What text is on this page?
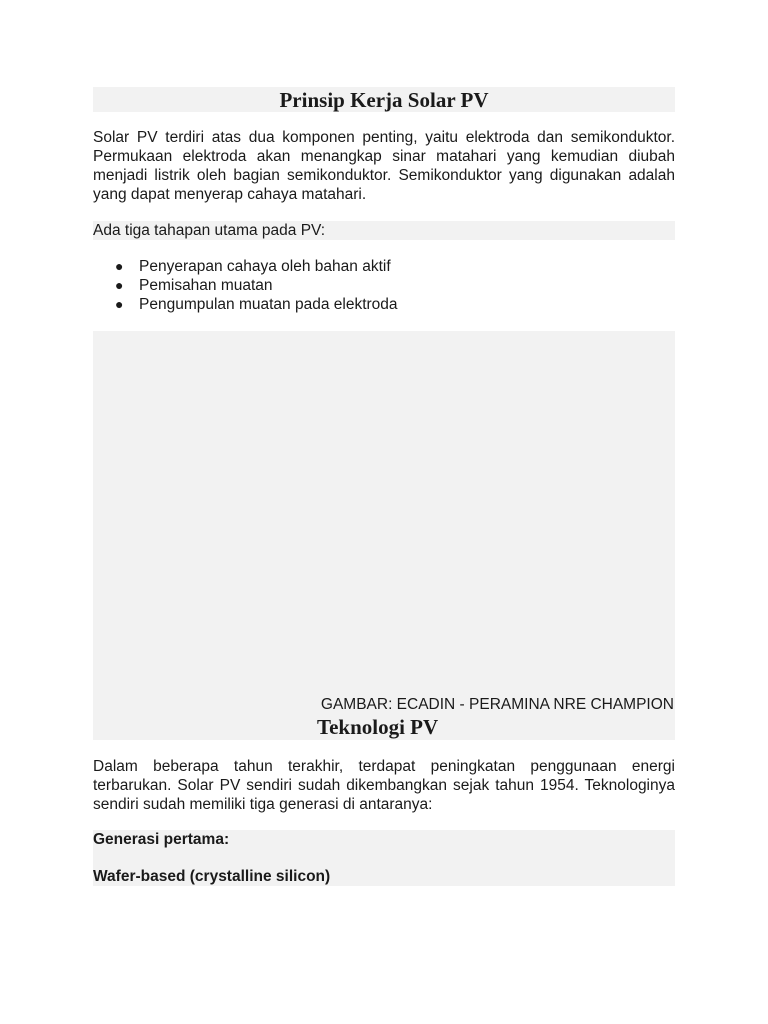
Prinsip Kerja Solar PV

Solar PV terdiri atas dua komponen penting, yaitu elektroda dan semikonduktor. Permukaan elektroda akan menangkap sinar matahari yang kemudian diubah menjadi listrik oleh bagian semikonduktor. Semikonduktor yang digunakan adalah yang dapat menyerap cahaya matahari.

Ada tiga tahapan utama pada PV:
● Penyerapan cahaya oleh bahan aktif
● Pemisahan muatan
● Pengumpulan muatan pada elektroda
GAMBAR: ECADIN - PERAMINA NRE CHAMPION
Teknologi PV

Dalam beberapa tahun terakhir, terdapat peningkatan penggunaan energi terbarukan. Solar PV sendiri sudah dikembangkan sejak tahun 1954. Teknologinya sendiri sudah memiliki tiga generasi di antaranya:

Generasi pertama:
Wafer-based (crystalline silicon)
